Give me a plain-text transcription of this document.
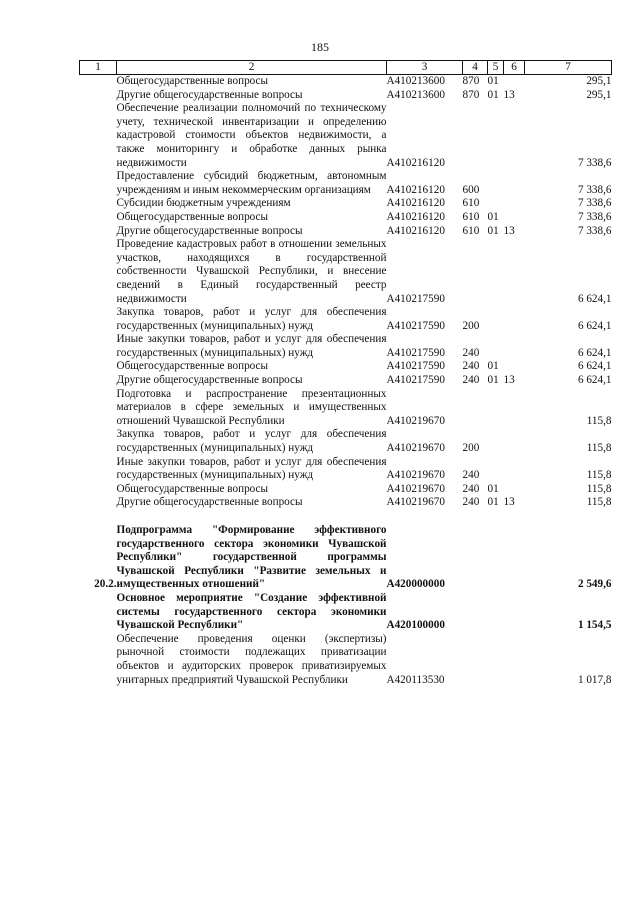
185
1	2	3	4	5	6	7
	Общегосударственные вопросы	А410213600	870	01		295,1
	Другие общегосударственные вопросы	А410213600	870	01	13	295,1
	Обеспечение реализации полномочий по техническому учету, технической инвентаризации и определению кадастровой стоимости объектов недвижимости, а также мониторингу и обработке данных рынка недвижимости	А410216120				7 338,6
	Предоставление субсидий бюджетным, автономным учреждениям и иным некоммерческим организациям	А410216120	600			7 338,6
	Субсидии бюджетным учреждениям	А410216120	610			7 338,6
	Общегосударственные вопросы	А410216120	610	01		7 338,6
	Другие общегосударственные вопросы	А410216120	610	01	13	7 338,6
	Проведение кадастровых работ в отношении земельных участков, находящихся в государственной собственности Чувашской Республики, и внесение сведений в Единый государственный реестр недвижимости	А410217590				6 624,1
	Закупка товаров, работ и услуг для обеспечения государственных (муниципальных) нужд	А410217590	200			6 624,1
	Иные закупки товаров, работ и услуг для обеспечения государственных (муниципальных) нужд	А410217590	240			6 624,1
	Общегосударственные вопросы	А410217590	240	01		6 624,1
	Другие общегосударственные вопросы	А410217590	240	01	13	6 624,1
	Подготовка и распространение презентационных материалов в сфере земельных и имущественных отношений Чувашской Республики	А410219670				115,8
	Закупка товаров, работ и услуг для обеспечения государственных (муниципальных) нужд	А410219670	200			115,8
	Иные закупки товаров, работ и услуг для обеспечения государственных (муниципальных) нужд	А410219670	240			115,8
	Общегосударственные вопросы	А410219670	240	01		115,8
	Другие общегосударственные вопросы	А410219670	240	01	13	115,8

20.2.	Подпрограмма "Формирование эффективного государственного сектора экономики Чувашской Республики" государственной программы Чувашской Республики "Развитие земельных и имущественных отношений"	А420000000				2 549,6
	Основное мероприятие "Создание эффективной системы государственного сектора экономики Чувашской Республики"	А420100000				1 154,5
	Обеспечение проведения оценки (экспертизы) рыночной стоимости подлежащих приватизации объектов и аудиторских проверок приватизируемых унитарных предприятий Чувашской Республики	А420113530				1 017,8
